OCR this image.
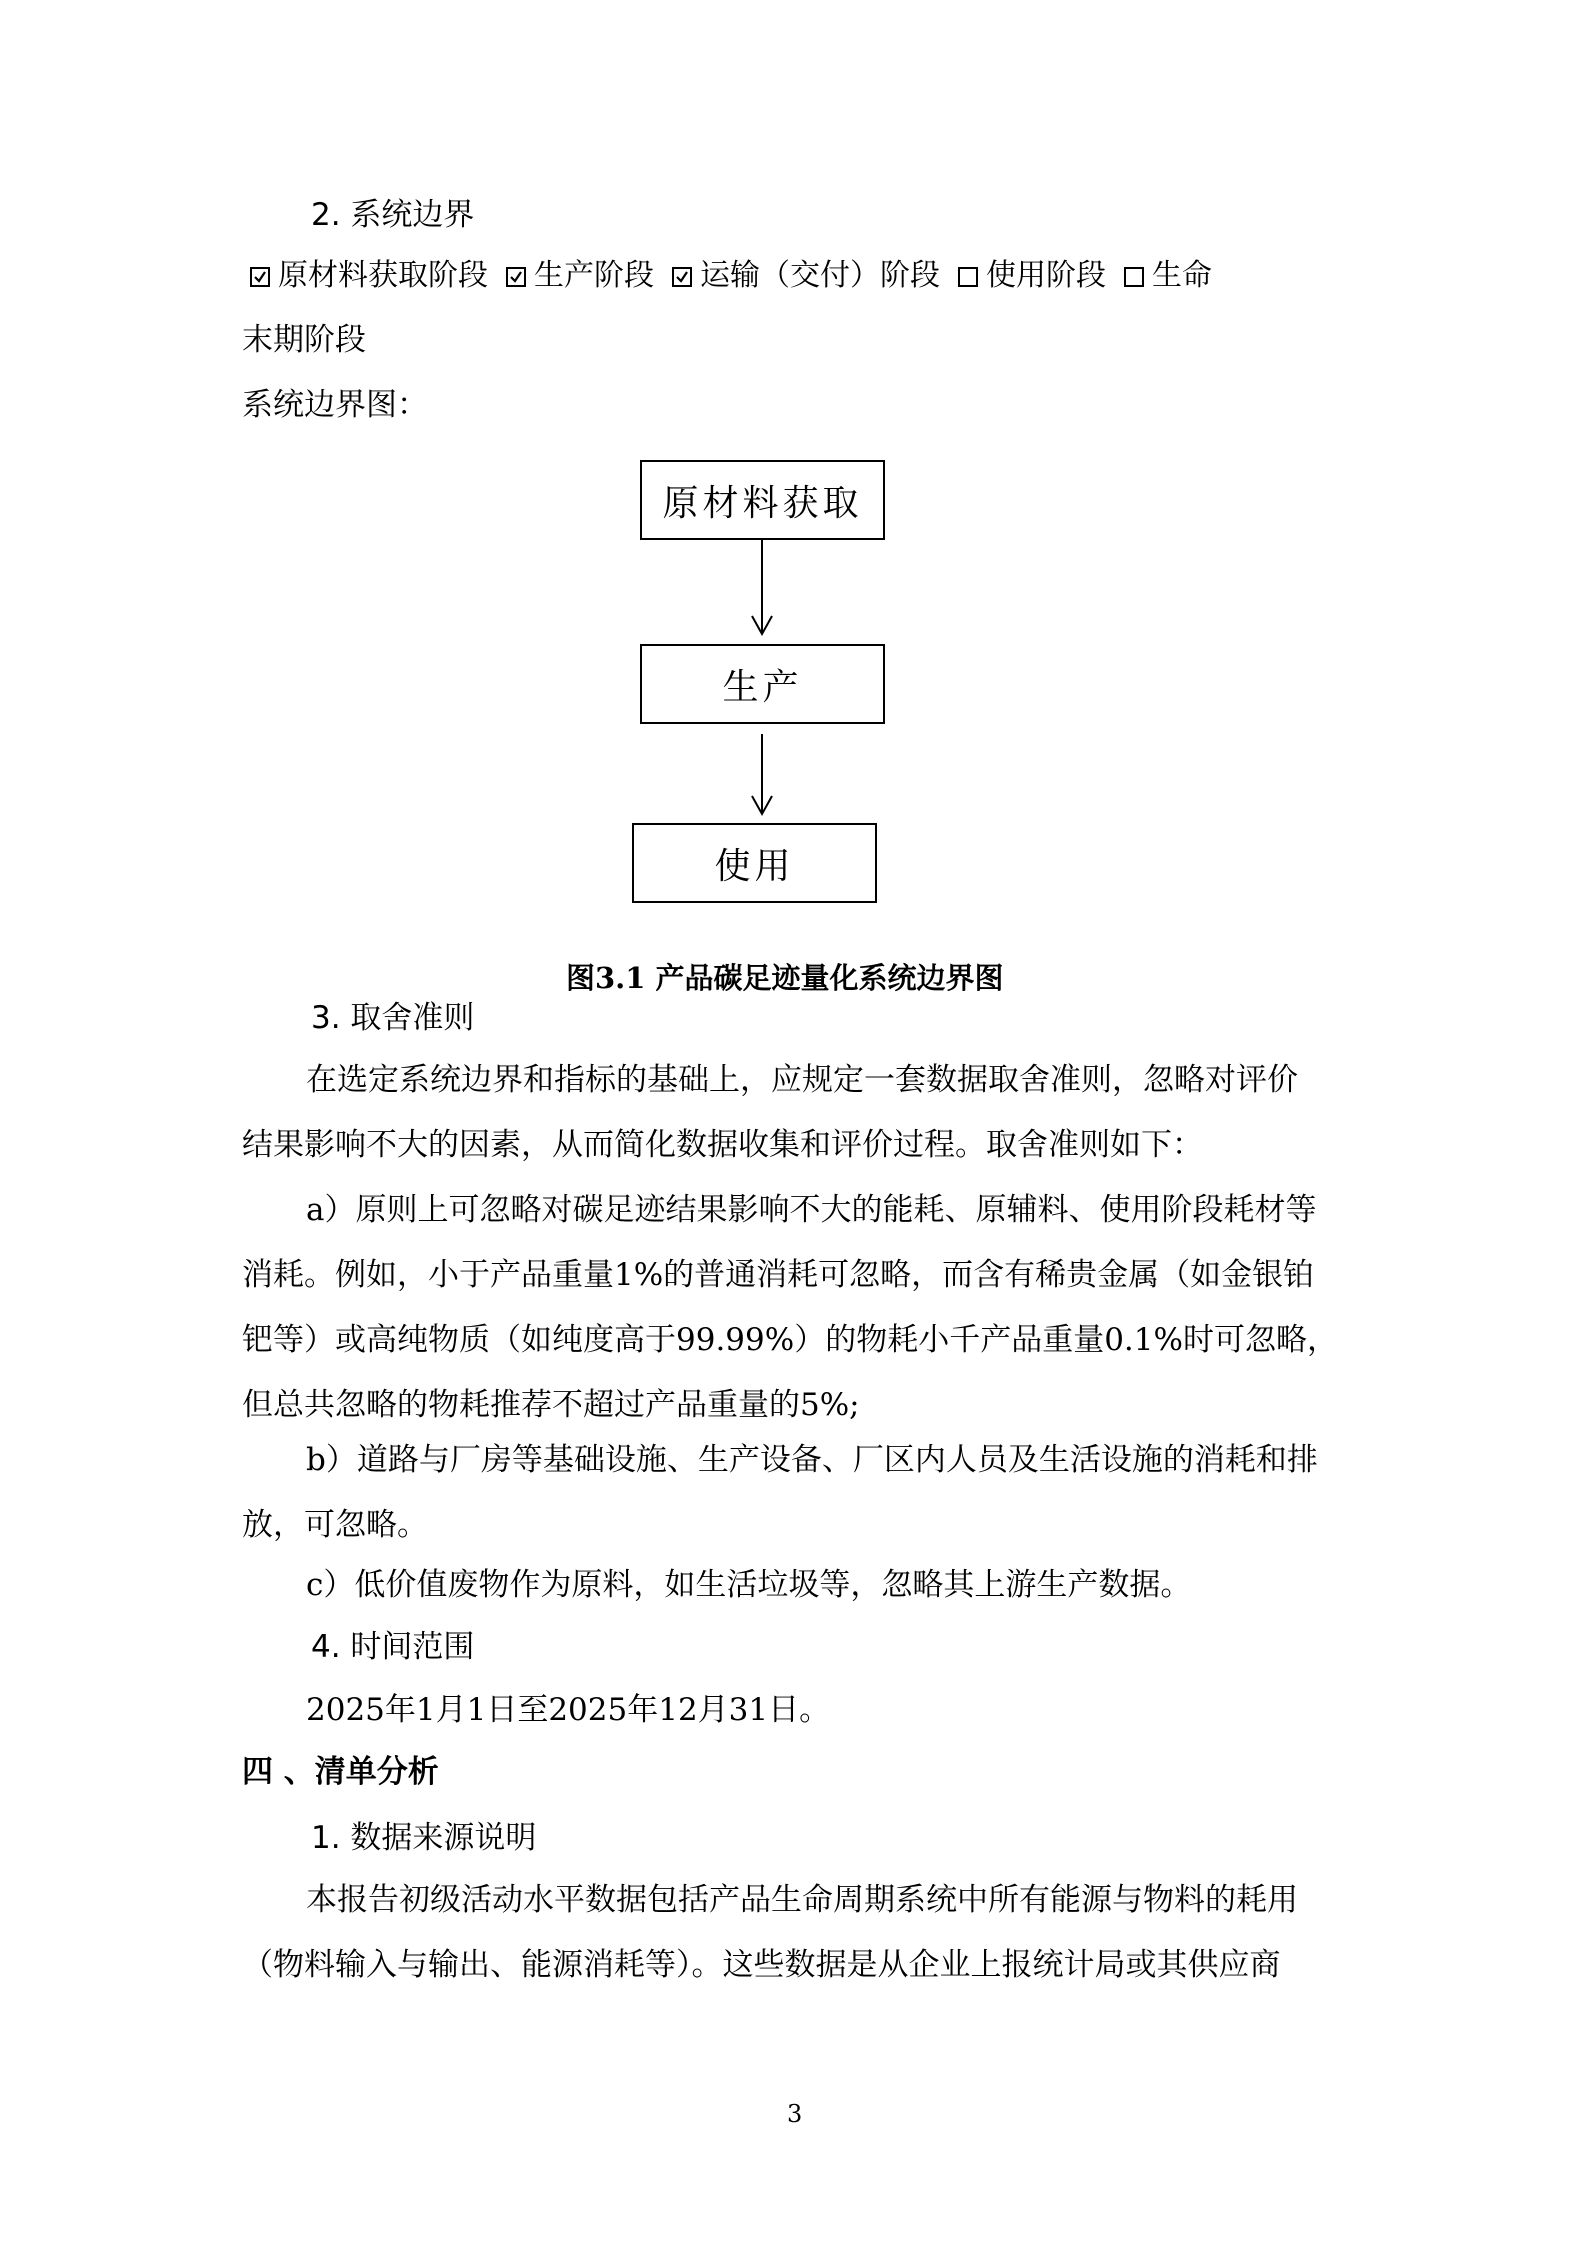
2. 系统边界
原材料获取阶段 生产阶段 运输（交付）阶段 使用阶段 生命
末期阶段
系统边界图：
原材料获取
生产
使用
图3.1 产品碳足迹量化系统边界图
3. 取舍准则
在选定系统边界和指标的基础上，应规定一套数据取舍准则，忽略对评价
结果影响不大的因素，从而简化数据收集和评价过程。取舍准则如下：
a）原则上可忽略对碳足迹结果影响不大的能耗、原辅料、使用阶段耗材等
消耗。例如，小于产品重量1%的普通消耗可忽略，而含有稀贵金属（如金银铂
钯等）或高纯物质（如纯度高于99.99%）的物耗小千产品重量0.1%时可忽略，
但总共忽略的物耗推荐不超过产品重量的5%;
b）道路与厂房等基础设施、生产设备、厂区内人员及生活设施的消耗和排
放，可忽略。
c）低价值废物作为原料，如生活垃圾等，忽略其上游生产数据。
4. 时间范围
2025年1月1日至2025年12月31日。
四 、清单分析
1. 数据来源说明
本报告初级活动水平数据包括产品生命周期系统中所有能源与物料的耗用
（物料输入与输出、能源消耗等）。这些数据是从企业上报统计局或其供应商
3
